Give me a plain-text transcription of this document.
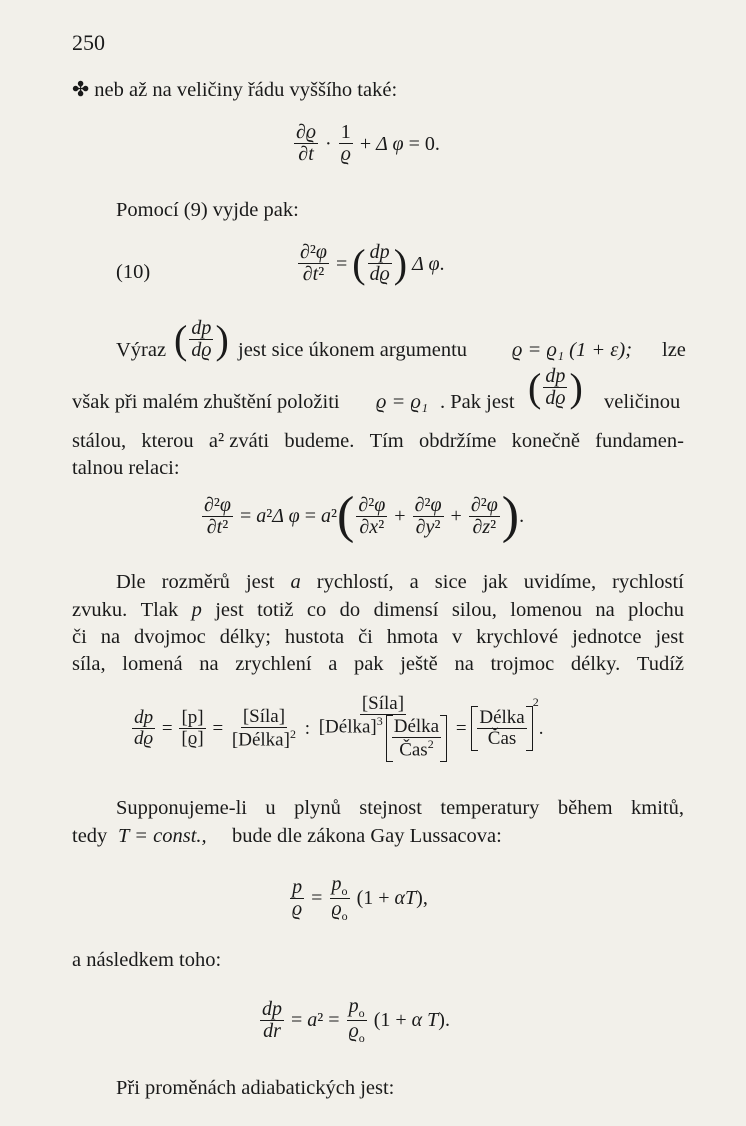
250
✤ neb až na veličiny řádu vyššího také:
$\frac{\partial ϱ}{\partial t} \cdot \frac{1}{ϱ} + \Delta$ φ = 0.
Pomocí (9) vyjde pak:
(10)	$\frac{\text{∂²φ}}{\text{∂t²}}$ = ( $\frac{dp}{dϱ}$ ) Δ φ.
Výraz ( $\frac{dp}{dϱ}$ ) jest sice úkonem argumentu ϱ = ϱ₁ (1 + ε); lze
však při malém zhuštění položiti ϱ = ϱ₁ . Pak jest ( $\frac{dp}{dϱ}$ ) veličinou
stálou, kterou a² zváti budeme. Tím obdržíme konečně fundamen-
talnou relaci:
$\frac{\text{∂²φ}}{\text{∂t²}} = a^2\Delta$ φ = a² ( $\frac{\text{∂²φ}}{\text{∂x²}} + \frac{\text{∂²φ}}{\text{∂y²}} + \frac{\text{∂²φ}}{\text{∂z²}}$ ) .
Dle rozměrů jest a rychlostí, a sice jak uvidíme, rychlostí
zvuku. Tlak p jest totiž co do dimensí silou, lomenou na plochu
či na dvojmoc délky; hustota či hmota v krychlové jednotce jest
síla, lomená na zrychlení a pak ještě na trojmoc délky. Tudíž
$\frac{dp}{dϱ} = \frac{[p]}{[ϱ]} = \frac{\text{[Síla]}}{[Délka]^2}$ : $\frac{\text{[Síla]}}{[Délka]^3 \frac{\text{Délka}}{Čas^2}} = \frac{\text{Délka}}{\text{Čas}}$
$^2$
.
Supponujeme-li u plynů stejnost temperatury během kmitů,
tedy T = const., bude dle zákona Gay Lussacova:
$\frac{p}{ϱ} = \frac{p_o}{ϱ_o} (1 + \alpha T)$,
a následkem toho:
$\frac{dp}{dr} = a^2 = \frac{p_o}{ϱ_o} (1 + \alpha$ T).
Při proměnách adiabatických jest:
